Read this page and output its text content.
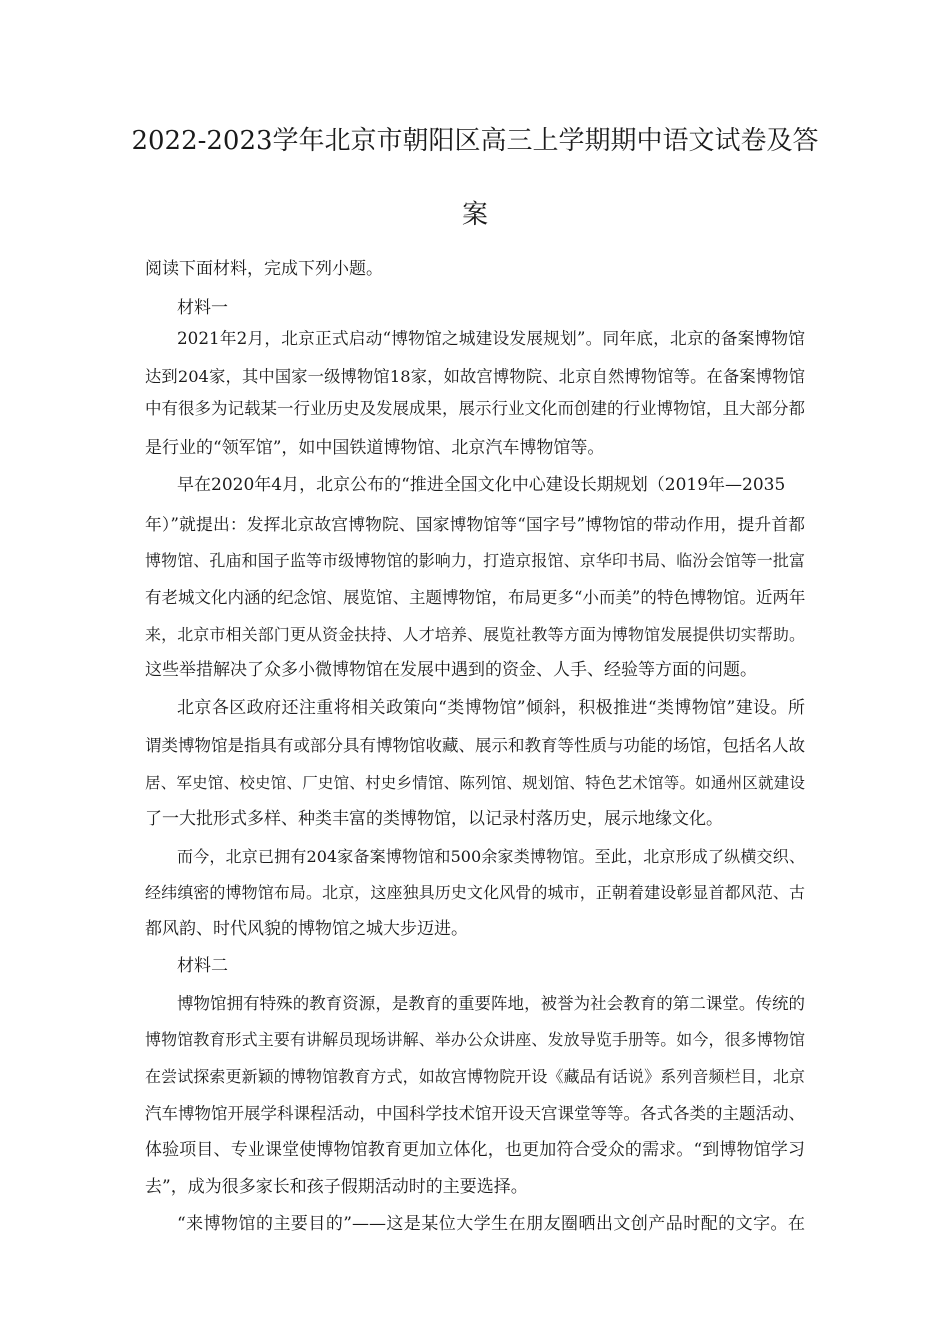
2022-2023学年北京市朝阳区高三上学期期中语文试卷及答
案
阅读下面材料，完成下列小题。
材料一
2021年2月，北京正式启动“博物馆之城建设发展规划”。同年底，北京的备案博物馆
达到204家，其中国家一级博物馆18家，如故宫博物院、北京自然博物馆等。在备案博物馆
中有很多为记载某一行业历史及发展成果，展示行业文化而创建的行业博物馆，且大部分都
是行业的“领军馆”，如中国铁道博物馆、北京汽车博物馆等。
早在2020年4月，北京公布的“推进全国文化中心建设长期规划（2019年—2035
年）”就提出：发挥北京故宫博物院、国家博物馆等“国字号”博物馆的带动作用，提升首都
博物馆、孔庙和国子监等市级博物馆的影响力，打造京报馆、京华印书局、临汾会馆等一批富
有老城文化内涵的纪念馆、展览馆、主题博物馆，布局更多“小而美”的特色博物馆。近两年
来，北京市相关部门更从资金扶持、人才培养、展览社教等方面为博物馆发展提供切实帮助。
这些举措解决了众多小微博物馆在发展中遇到的资金、人手、经验等方面的问题。
北京各区政府还注重将相关政策向“类博物馆”倾斜，积极推进“类博物馆”建设。所
谓类博物馆是指具有或部分具有博物馆收藏、展示和教育等性质与功能的场馆，包括名人故
居、军史馆、校史馆、厂史馆、村史乡情馆、陈列馆、规划馆、特色艺术馆等。如通州区就建设
了一大批形式多样、种类丰富的类博物馆，以记录村落历史，展示地缘文化。
而今，北京已拥有204家备案博物馆和500余家类博物馆。至此，北京形成了纵横交织、
经纬缜密的博物馆布局。北京，这座独具历史文化风骨的城市，正朝着建设彰显首都风范、古
都风韵、时代风貌的博物馆之城大步迈进。
材料二
博物馆拥有特殊的教育资源，是教育的重要阵地，被誉为社会教育的第二课堂。传统的
博物馆教育形式主要有讲解员现场讲解、举办公众讲座、发放导览手册等。如今，很多博物馆
在尝试探索更新颖的博物馆教育方式，如故宫博物院开设《藏品有话说》系列音频栏目，北京
汽车博物馆开展学科课程活动，中国科学技术馆开设天宫课堂等等。各式各类的主题活动、
体验项目、专业课堂使博物馆教育更加立体化，也更加符合受众的需求。“到博物馆学习
去”，成为很多家长和孩子假期活动时的主要选择。
“来博物馆的主要目的”——这是某位大学生在朋友圈晒出文创产品时配的文字。在
